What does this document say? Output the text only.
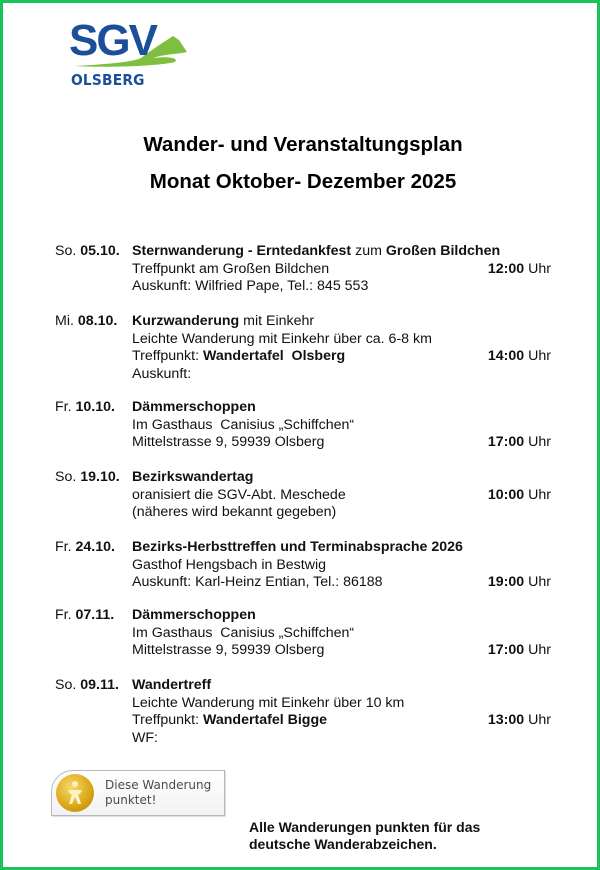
SGV
OLSBERG
Wander- und Veranstaltungsplan
Monat Oktober- Dezember 2025
So. 05.10. Sternwanderung - Erntedankfest zum Großen Bildchen
Treffpunkt am Großen Bildchen	12:00 Uhr
Auskunft: Wilfried Pape, Tel.: 845 553
Mi. 08.10. Kurzwanderung mit Einkehr
Leichte Wanderung mit Einkehr über ca. 6-8 km
Treffpunkt: Wandertafel  Olsberg	14:00 Uhr
Auskunft:
Fr. 10.10. Dämmerschoppen
Im Gasthaus  Canisius „Schiffchen“
Mittelstrasse 9, 59939 Olsberg	17:00 Uhr
So. 19.10. Bezirkswandertag
oranisiert die SGV-Abt. Meschede	10:00 Uhr
(näheres wird bekannt gegeben)
Fr. 24.10. Bezirks-Herbsttreffen und Terminabsprache 2026
Gasthof Hengsbach in Bestwig
Auskunft: Karl-Heinz Entian, Tel.: 86188	19:00 Uhr
Fr. 07.11. Dämmerschoppen
Im Gasthaus  Canisius „Schiffchen“
Mittelstrasse 9, 59939 Olsberg	17:00 Uhr
So. 09.11. Wandertreff
Leichte Wanderung mit Einkehr über 10 km
Treffpunkt: Wandertafel Bigge	13:00 Uhr
WF:
Diese Wanderung
punktet!
Alle Wanderungen punkten für das
deutsche Wanderabzeichen.
